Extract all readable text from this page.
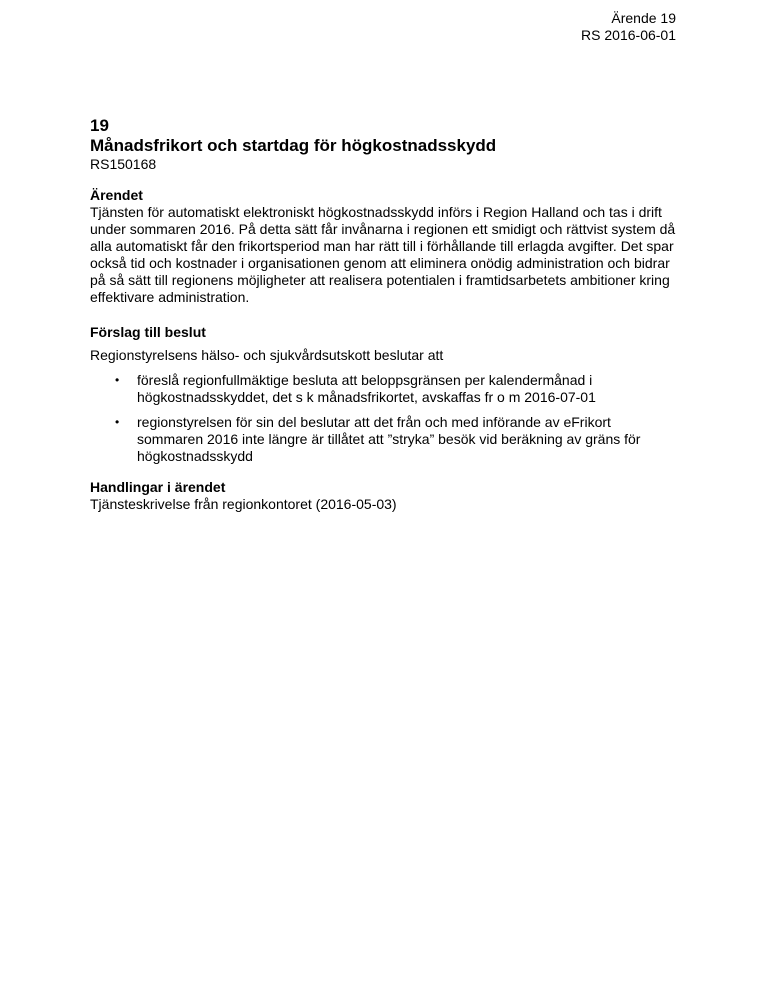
Ärende 19
RS 2016-06-01
19
Månadsfrikort och startdag för högkostnadsskydd
RS150168
Ärendet
Tjänsten för automatiskt elektroniskt högkostnadsskydd införs i Region Halland och tas i drift under sommaren 2016. På detta sätt får invånarna i regionen ett smidigt och rättvist system då alla automatiskt får den frikortsperiod man har rätt till i förhållande till erlagda avgifter. Det spar också tid och kostnader i organisationen genom att eliminera onödig administration och bidrar på så sätt till regionens möjligheter att realisera potentialen i framtidsarbetets ambitioner kring effektivare administration.
Förslag till beslut
Regionstyrelsens hälso- och sjukvårdsutskott beslutar att
• föreslå regionfullmäktige besluta att beloppsgränsen per kalendermånad i högkostnadsskyddet, det s k månadsfrikortet, avskaffas fr o m 2016-07-01
• regionstyrelsen för sin del beslutar att det från och med införande av eFrikort sommaren 2016 inte längre är tillåtet att ”stryka” besök vid beräkning av gräns för högkostnadsskydd
Handlingar i ärendet
Tjänsteskrivelse från regionkontoret (2016-05-03)
